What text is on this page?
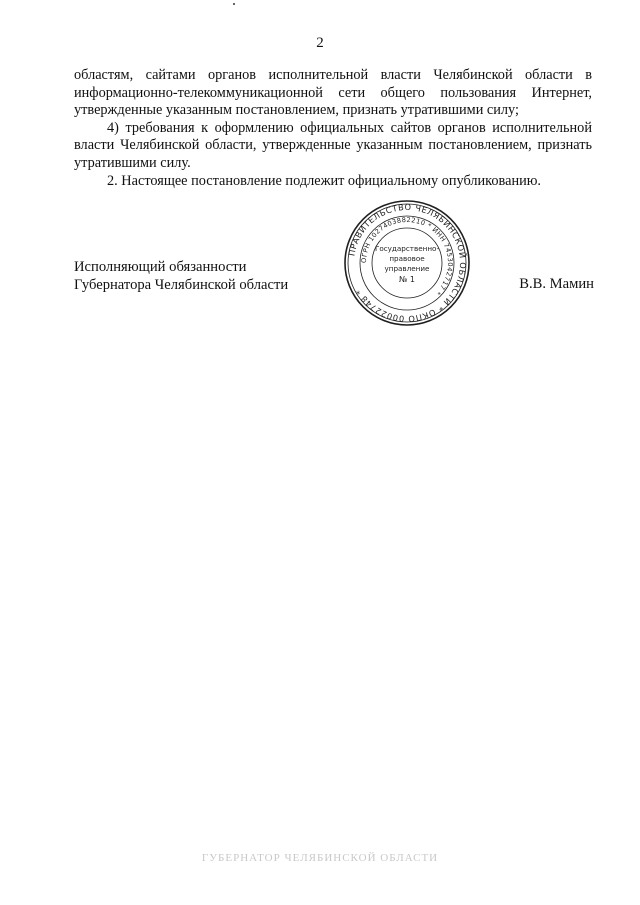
2

областям, сайтами органов исполнительной власти Челябинской области в информационно-телекоммуникационной сети общего пользования Интернет, утвержденные указанным постановлением, признать утратившими силу;

4) требования к оформлению официальных сайтов органов исполнительной власти Челябинской области, утвержденные указанным постановлением, признать утратившими силу.

2. Настоящее постановление подлежит официальному опубликованию.

Исполняющий обязанности
Губернатора Челябинской области	В.В. Мамин
ПРАВИТЕЛЬСТВО ЧЕЛЯБИНСКОЙ ОБЛАСТИ * ОКПО 00022748 *
ОГРН 1027403882210 * ИНН 7453042717 *
Государственно-
правовое
управление
№ 1
ГУБЕРНАТОР ЧЕЛЯБИНСКОЙ ОБЛАСТИ
